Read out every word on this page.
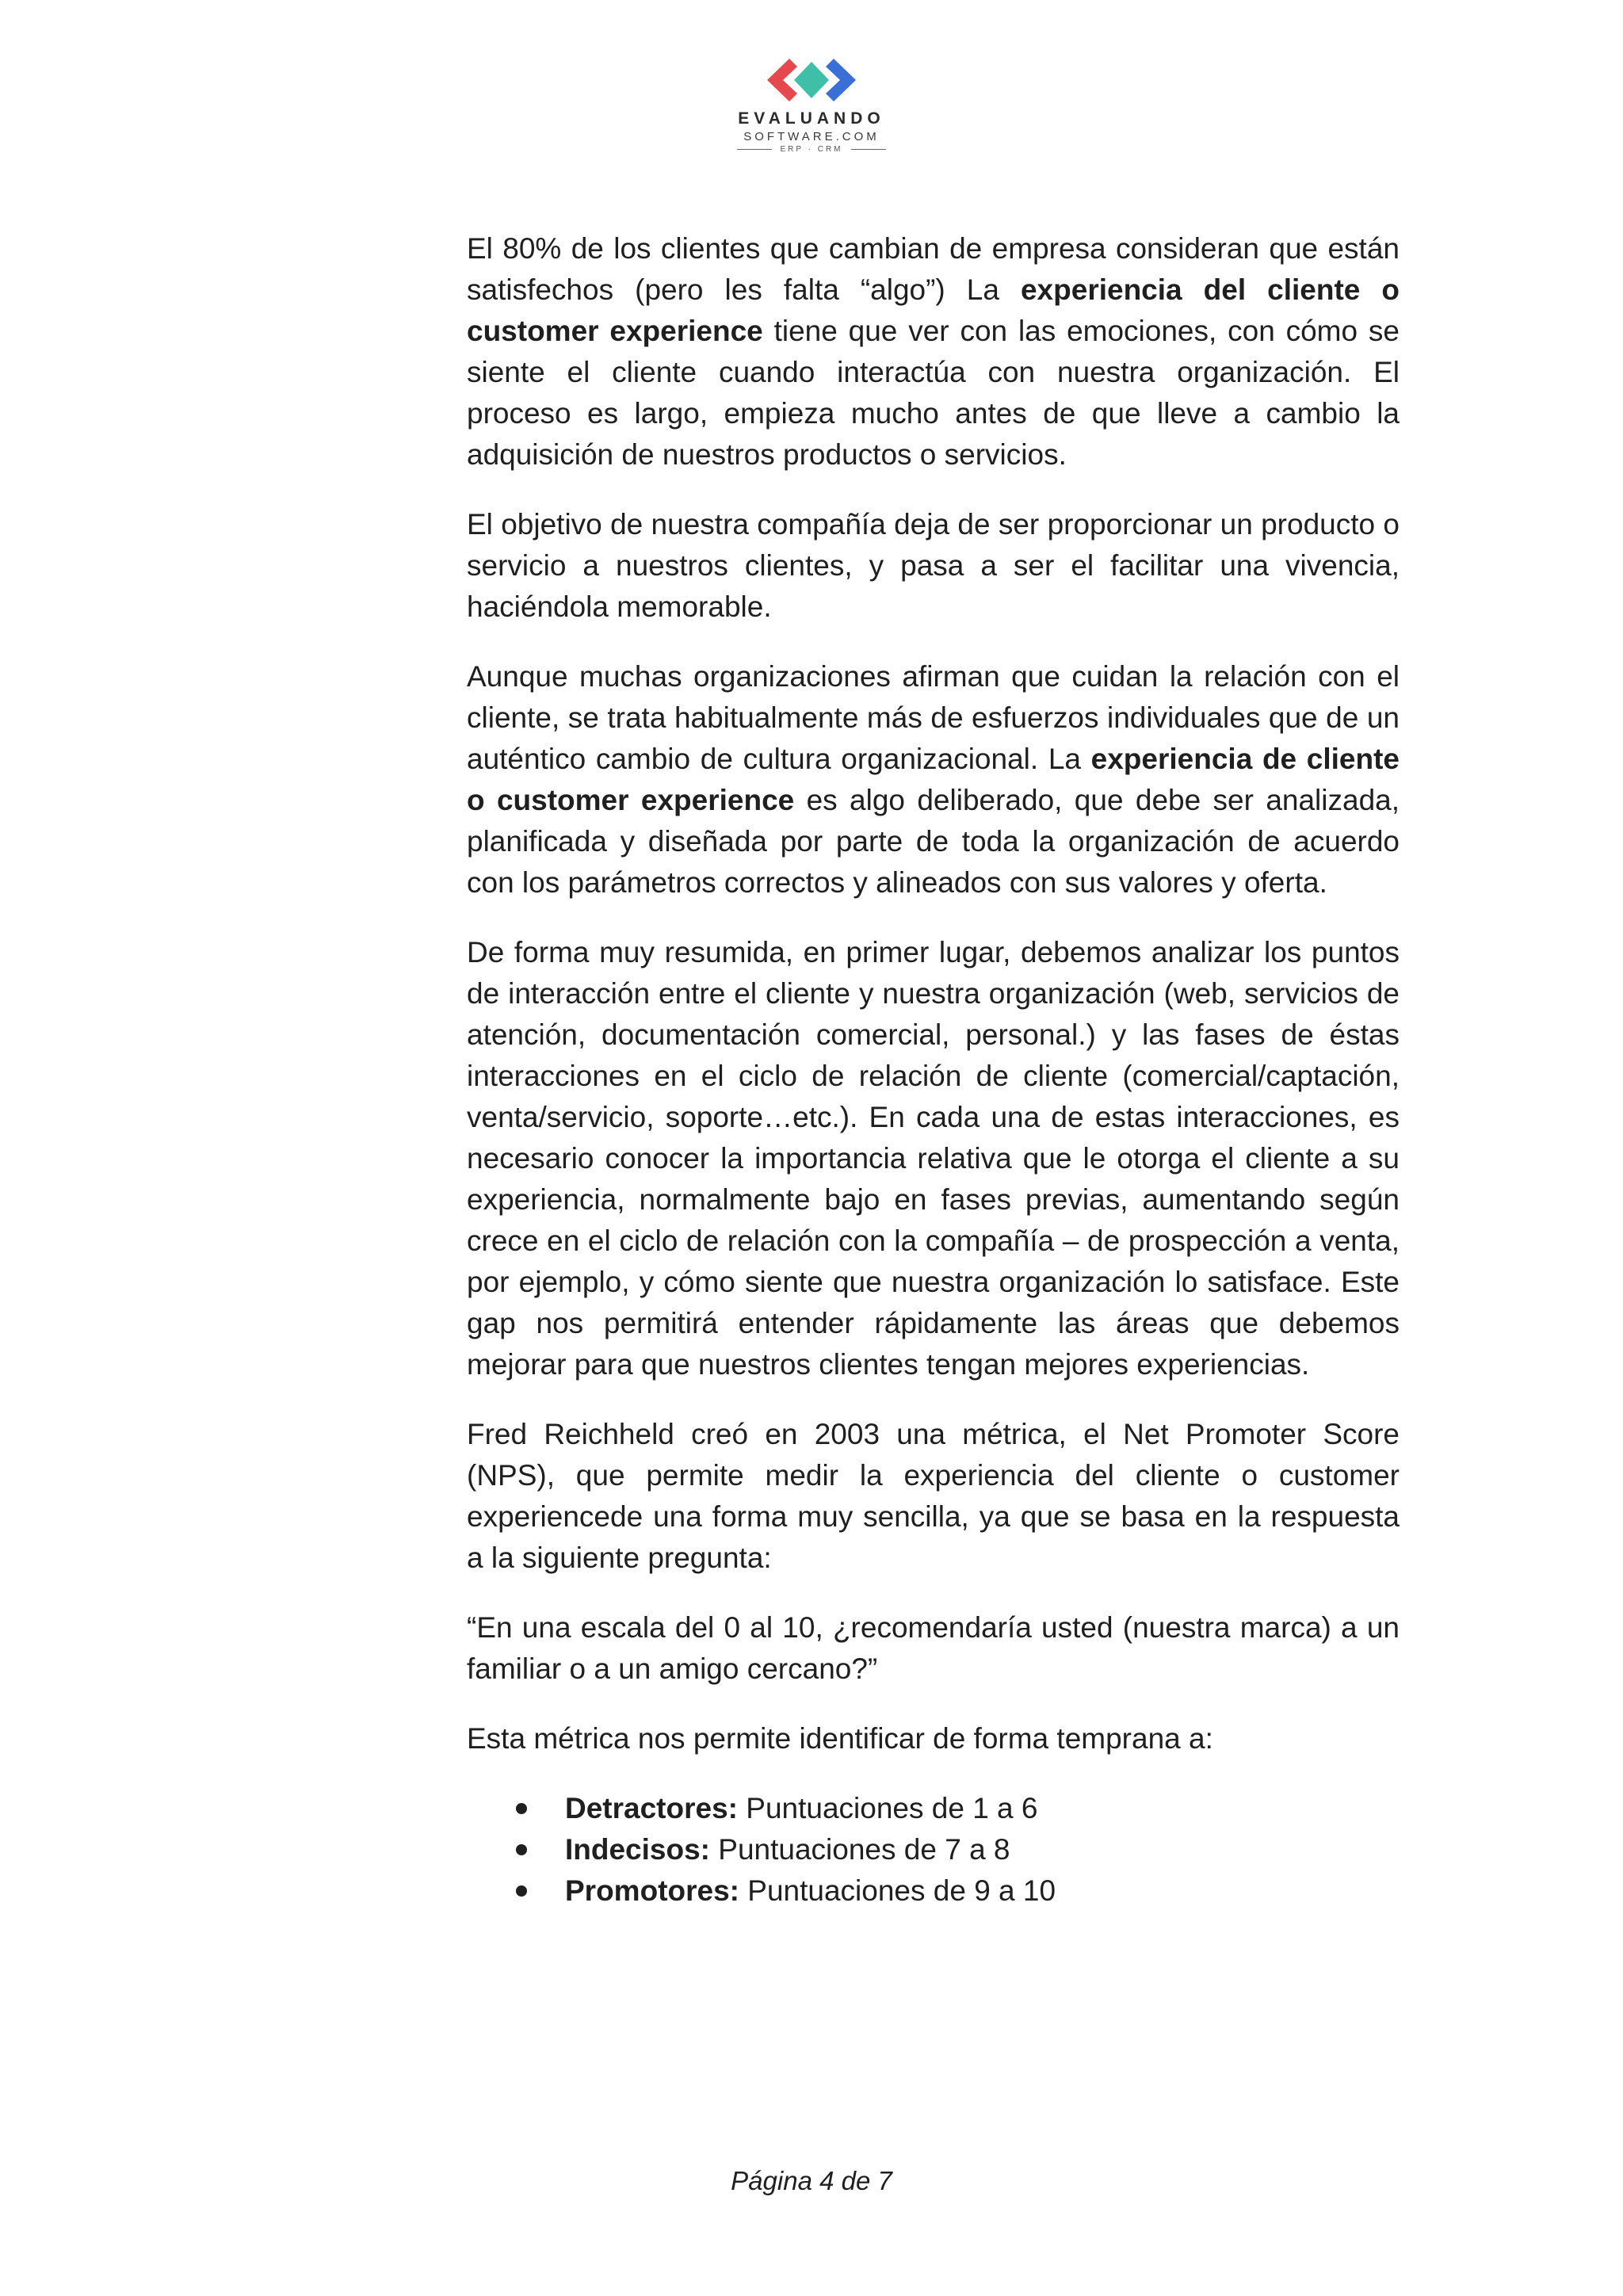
EVALUANDO
SOFTWARE.COM
ERP · CRM

El 80% de los clientes que cambian de empresa consideran que están satisfechos (pero les falta “algo”) La experiencia del cliente o customer experience tiene que ver con las emociones, con cómo se siente el cliente cuando interactúa con nuestra organización. El proceso es largo, empieza mucho antes de que lleve a cambio la adquisición de nuestros productos o servicios.

El objetivo de nuestra compañía deja de ser proporcionar un producto o servicio a nuestros clientes, y pasa a ser el facilitar una vivencia, haciéndola memorable.

Aunque muchas organizaciones afirman que cuidan la relación con el cliente, se trata habitualmente más de esfuerzos individuales que de un auténtico cambio de cultura organizacional. La experiencia de cliente o customer experience es algo deliberado, que debe ser analizada, planificada y diseñada por parte de toda la organización de acuerdo con los parámetros correctos y alineados con sus valores y oferta.

De forma muy resumida, en primer lugar, debemos analizar los puntos de interacción entre el cliente y nuestra organización (web, servicios de atención, documentación comercial, personal.) y las fases de éstas interacciones en el ciclo de relación de cliente (comercial/captación, venta/servicio, soporte…etc.). En cada una de estas interacciones, es necesario conocer la importancia relativa que le otorga el cliente a su experiencia, normalmente bajo en fases previas, aumentando según crece en el ciclo de relación con la compañía – de prospección a venta, por ejemplo, y cómo siente que nuestra organización lo satisface. Este gap nos permitirá entender rápidamente las áreas que debemos mejorar para que nuestros clientes tengan mejores experiencias.

Fred Reichheld creó en 2003 una métrica, el Net Promoter Score (NPS), que permite medir la experiencia del cliente o customer experiencede una forma muy sencilla, ya que se basa en la respuesta a la siguiente pregunta:

“En una escala del 0 al 10, ¿recomendaría usted (nuestra marca) a un familiar o a un amigo cercano?”

Esta métrica nos permite identificar de forma temprana a:

Detractores: Puntuaciones de 1 a 6
Indecisos: Puntuaciones de 7 a 8
Promotores: Puntuaciones de 9 a 10
Página 4 de 7
